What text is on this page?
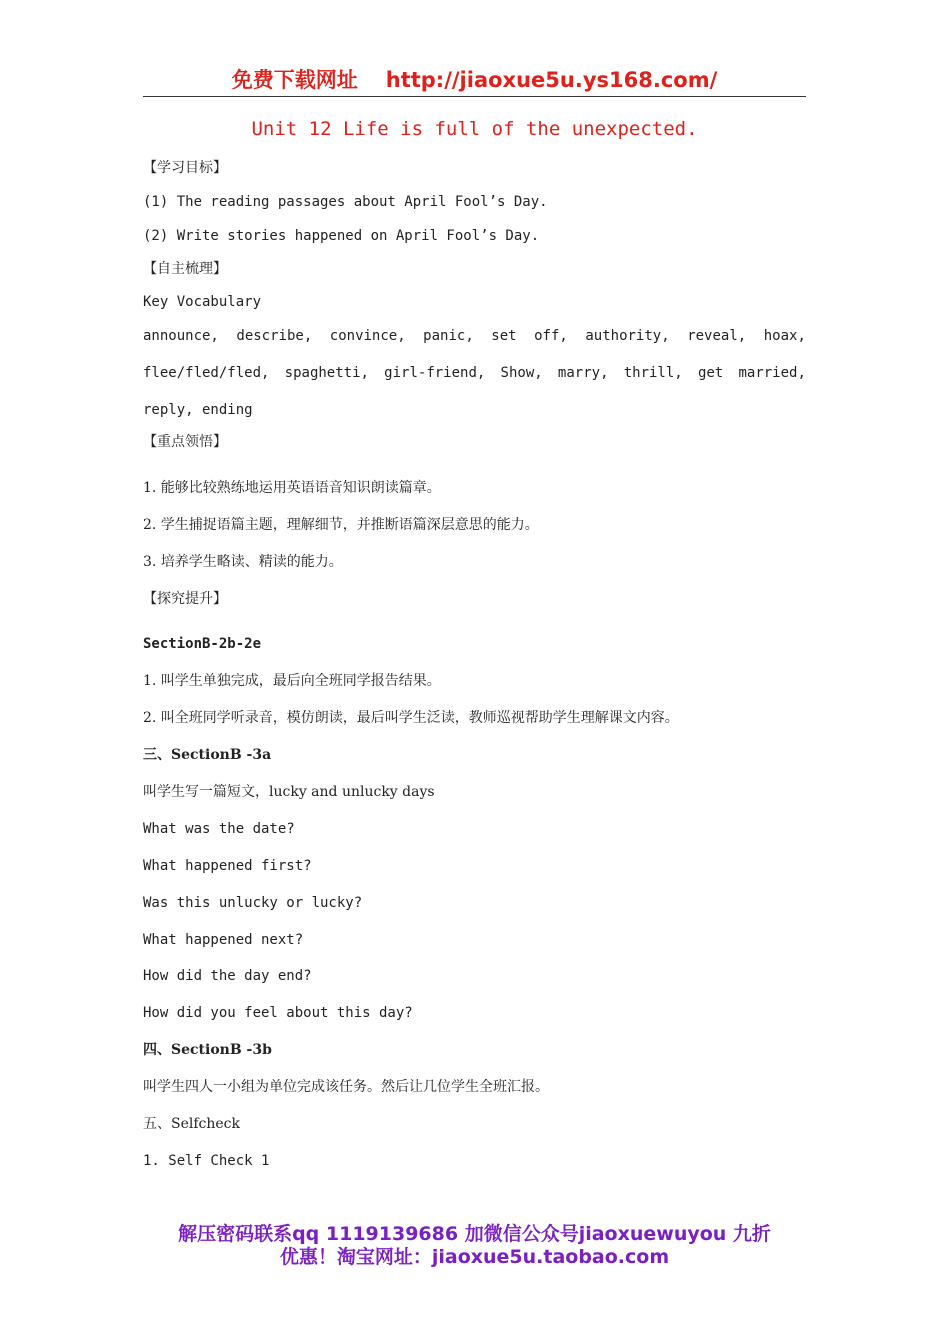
免费下载网址 http://jiaoxue5u.ys168.com/
Unit 12 Life is full of the unexpected.
【学习目标】
(1) The reading passages about April Fool’s Day.
(2) Write stories happened on April Fool’s Day.
【自主梳理】
Key Vocabulary
announce, describe, convince, panic, set off, authority, reveal, hoax,
flee/fled/fled, spaghetti, girl-friend, Show, marry, thrill, get married,
reply, ending
【重点领悟】
1. 能够比较熟练地运用英语语音知识朗读篇章。
2. 学生捕捉语篇主题，理解细节，并推断语篇深层意思的能力。
3. 培养学生略读、精读的能力。
【探究提升】
SectionB-2b-2e
1. 叫学生单独完成，最后向全班同学报告结果。
2. 叫全班同学听录音，模仿朗读，最后叫学生泛读，教师巡视帮助学生理解课文内容。
三、SectionB -3a
叫学生写一篇短文，lucky and unlucky days
What was the date?
What happened first?
Was this unlucky or lucky?
What happened next?
How did the day end?
How did you feel about this day?
四、SectionB -3b
叫学生四人一小组为单位完成该任务。然后让几位学生全班汇报。
五、Selfcheck
1. Self Check 1
解压密码联系qq 1119139686 加微信公众号jiaoxuewuyou 九折
优惠！淘宝网址：jiaoxue5u.taobao.com
